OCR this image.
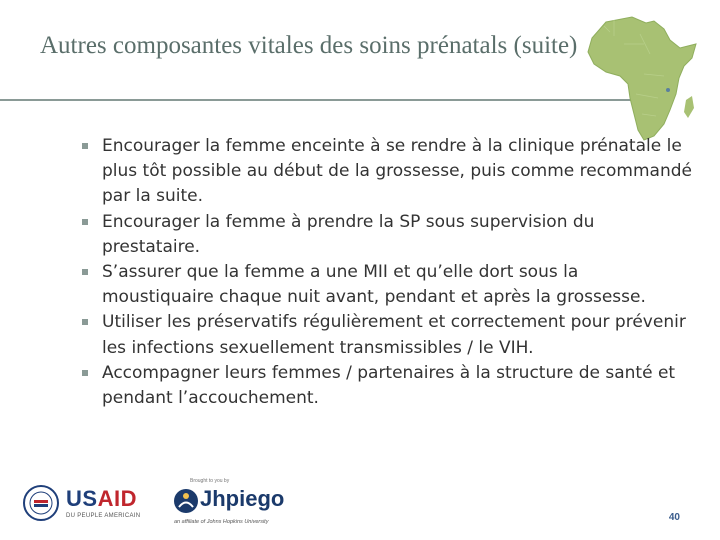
Autres composantes vitales des soins prénatals (suite)
Encourager la femme enceinte à se rendre à la clinique prénatale le plus tôt possible au début de la grossesse, puis comme recommandé par la suite.
Encourager la femme à prendre la SP sous supervision du prestataire.
S’assurer que la femme a une MII et qu’elle dort sous la moustiquaire chaque nuit avant, pendant et après la grossesse.
Utiliser les préservatifs régulièrement et correctement pour prévenir les infections sexuellement transmissibles / le VIH.
Accompagner leurs femmes / partenaires à la structure de santé et pendant l’accouchement.
USAID
DU PEUPLE AMERICAIN
Brought to you by
Jhpiego
an affiliate of Johns Hopkins University	40
